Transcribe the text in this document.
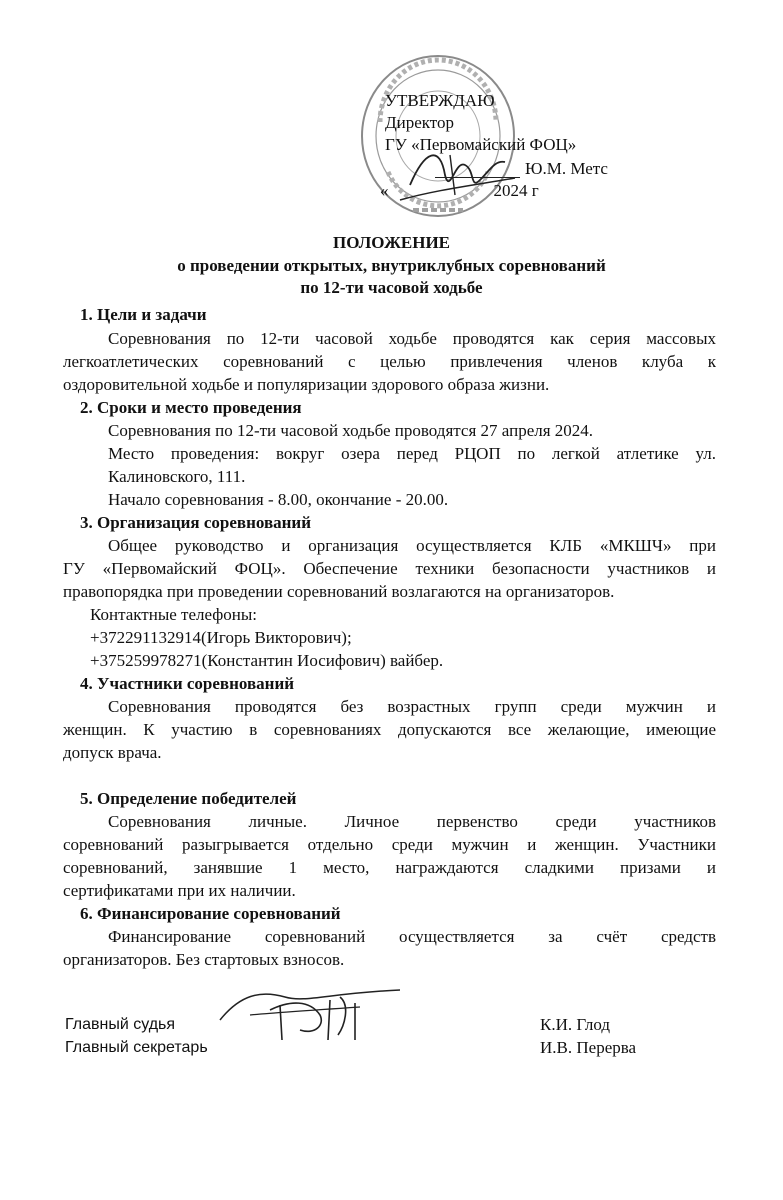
УТВЕРЖДАЮ
Директор
ГУ «Первомайский ФОЦ»
Ю.М. Метс
«	2024 г
ПОЛОЖЕНИЕ
о проведении открытых, внутриклубных соревнований
по 12-ти часовой ходьбе
1. Цели и задачи
Соревнования по 12-ти часовой ходьбе проводятся как серия массовых
легкоатлетических соревнований с целью привлечения членов клуба к
оздоровительной ходьбе и популяризации здорового образа жизни.
2. Сроки и место проведения
Соревнования по 12-ти часовой ходьбе проводятся 27 апреля 2024.
Место проведения: вокруг озера перед РЦОП по легкой атлетике ул.
Калиновского, 111.
Начало соревнования - 8.00, окончание - 20.00.
3. Организация соревнований
Общее руководство и организация осуществляется КЛБ «МКШЧ» при
ГУ «Первомайский ФОЦ». Обеспечение техники безопасности участников и
правопорядка при проведении соревнований возлагаются на организаторов.
Контактные телефоны:
+372291132914(Игорь Викторович);
+375259978271(Константин Иосифович) вайбер.
4. Участники соревнований
Соревнования проводятся без возрастных групп среди мужчин и
женщин. К участию в соревнованиях допускаются все желающие, имеющие
допуск врача.
5. Определение победителей
Соревнования личные. Личное первенство среди участников
соревнований разыгрывается отдельно среди мужчин и женщин. Участники
соревнований, занявшие 1 место, награждаются сладкими призами и
сертификатами при их наличии.
6. Финансирование соревнований
Финансирование соревнований осуществляется за счёт средств
организаторов. Без стартовых взносов.
Главный судья
Главный секретарь
К.И. Глод
И.В. Перерва
